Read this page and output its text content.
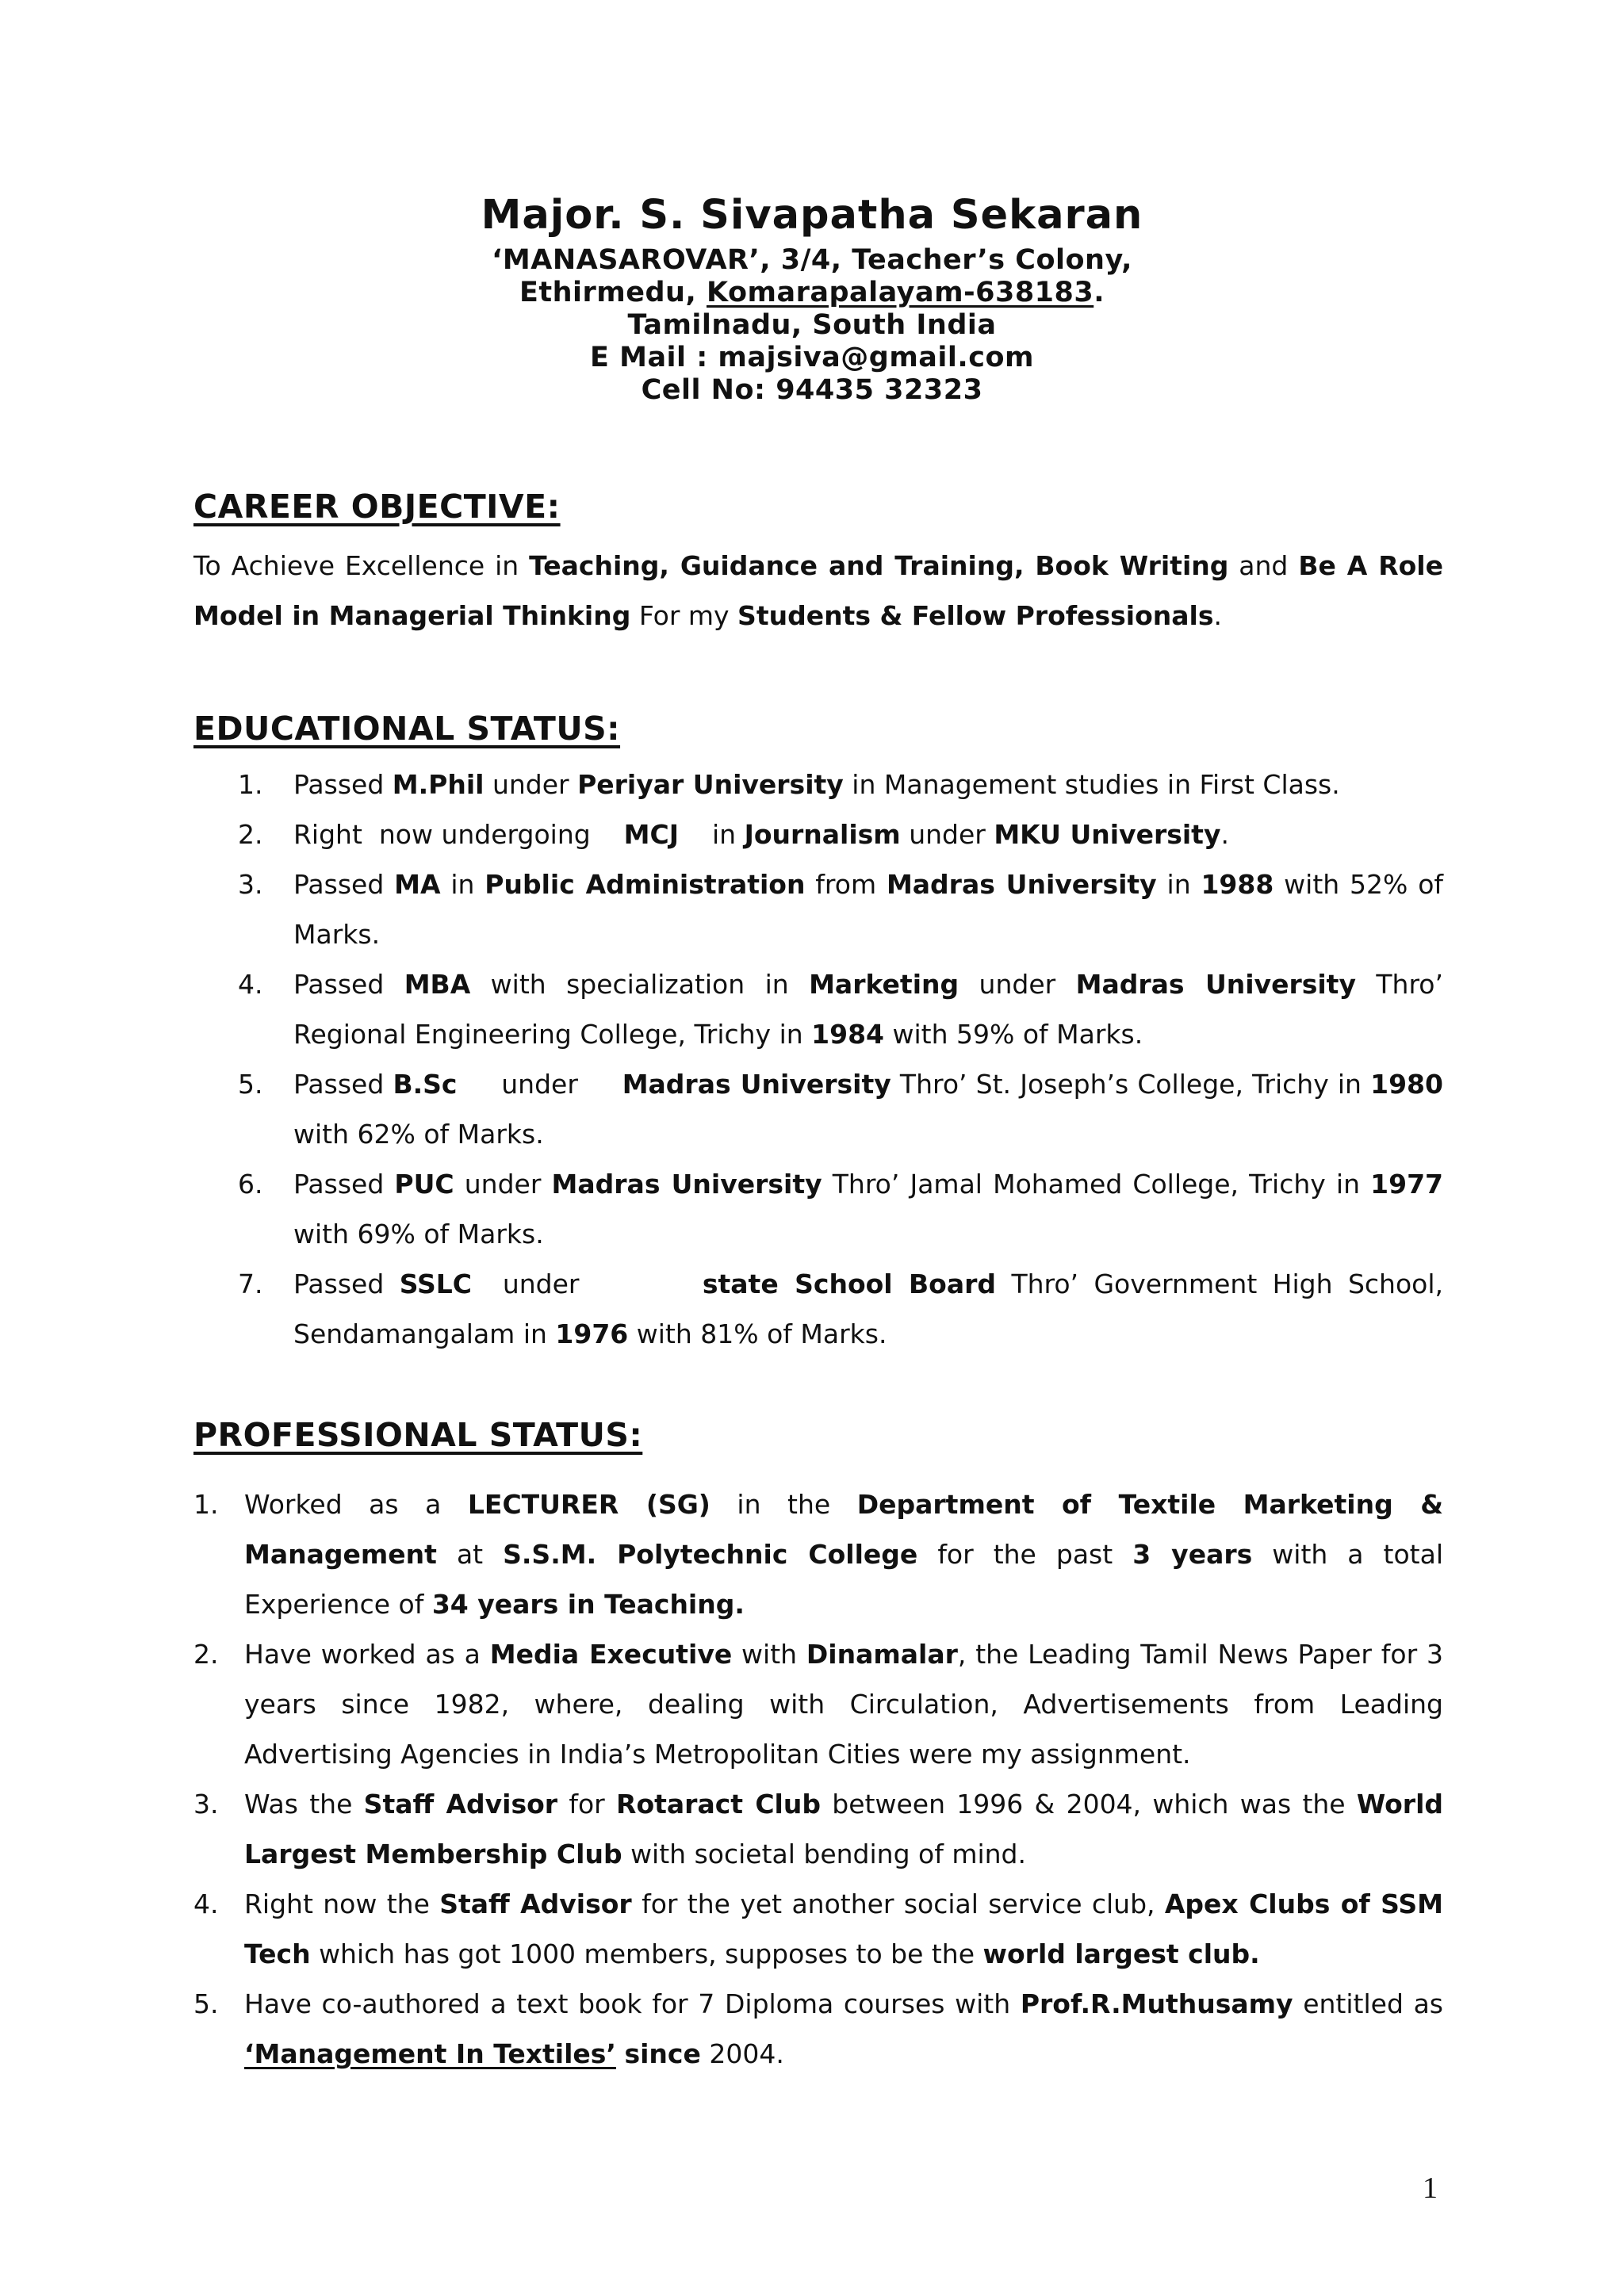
Major. S. Sivapatha Sekaran
‘MANASAROVAR’, 3/4, Teacher’s Colony,
Ethirmedu, Komarapalayam-638183.
Tamilnadu, South India
E Mail : majsiva@gmail.com
Cell No: 94435 32323
CAREER OBJECTIVE:

To Achieve Excellence in Teaching, Guidance and Training, Book Writing and Be A Role Model in Managerial Thinking For my Students & Fellow Professionals.

EDUCATIONAL STATUS:
1. Passed M.Phil under Periyar University in Management studies in First Class.
2. Right  now undergoing    MCJ    in Journalism under MKU University.
3. Passed MA in Public Administration from Madras University in 1988 with 52% of Marks.
4. Passed MBA with specialization in Marketing under Madras University Thro’ Regional Engineering College, Trichy in 1984 with 59% of Marks.
5. Passed B.Sc     under     Madras University Thro’ St. Joseph’s College, Trichy in 1980 with 62% of Marks.
6. Passed PUC under Madras University Thro’ Jamal Mohamed College, Trichy in 1977 with 69% of Marks.
7. Passed SSLC  under        state School Board Thro’ Government High School, Sendamangalam in 1976 with 81% of Marks.
PROFESSIONAL STATUS:
1. Worked as a LECTURER (SG) in the Department of Textile Marketing & Management at S.S.M. Polytechnic College for the past 3 years with a total Experience of 34 years in Teaching.
2. Have worked as a Media Executive with Dinamalar, the Leading Tamil News Paper for 3 years since 1982, where, dealing with Circulation, Advertisements from Leading Advertising Agencies in India’s Metropolitan Cities were my assignment.
3. Was the Staff Advisor for Rotaract Club between 1996 & 2004, which was the World Largest Membership Club with societal bending of mind.
4. Right now the Staff Advisor for the yet another social service club, Apex Clubs of SSM Tech which has got 1000 members, supposes to be the world largest club.
5. Have co-authored a text book for 7 Diploma courses with Prof.R.Muthusamy entitled as ‘Management In Textiles’ since 2004.
1
